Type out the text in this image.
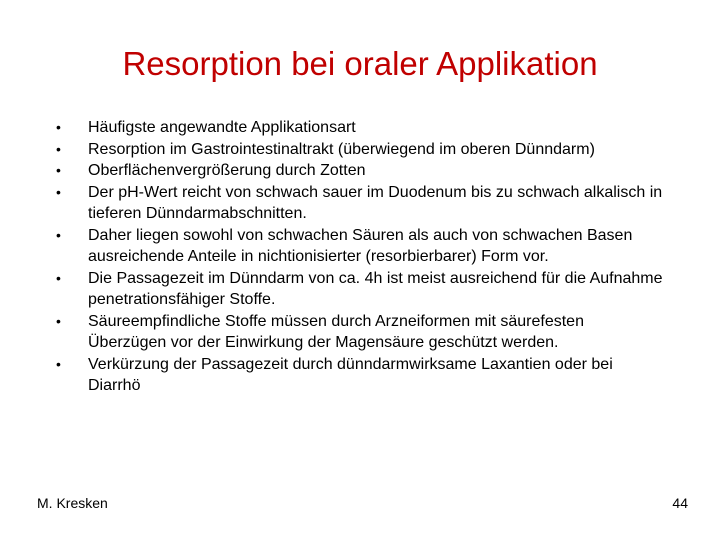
Resorption bei oraler Applikation
•	Häufigste angewandte Applikationsart
•	Resorption im Gastrointestinaltrakt (überwiegend im oberen Dünndarm)
•	Oberflächenvergrößerung durch Zotten
•	Der pH-Wert reicht von schwach sauer im Duodenum bis zu schwach alkalisch in tieferen Dünndarmabschnitten.
•	Daher liegen sowohl von schwachen Säuren als auch von schwachen Basen ausreichende Anteile in nichtionisierter (resorbierbarer) Form vor.
•	Die Passagezeit im Dünndarm von ca. 4h ist meist ausreichend für die Aufnahme penetrationsfähiger Stoffe.
•	Säureempfindliche Stoffe müssen durch Arzneiformen mit säurefesten Überzügen vor der Einwirkung der Magensäure geschützt werden.
•	Verkürzung der Passagezeit durch dünndarmwirksame Laxantien oder bei Diarrhö
M. Kresken	44
